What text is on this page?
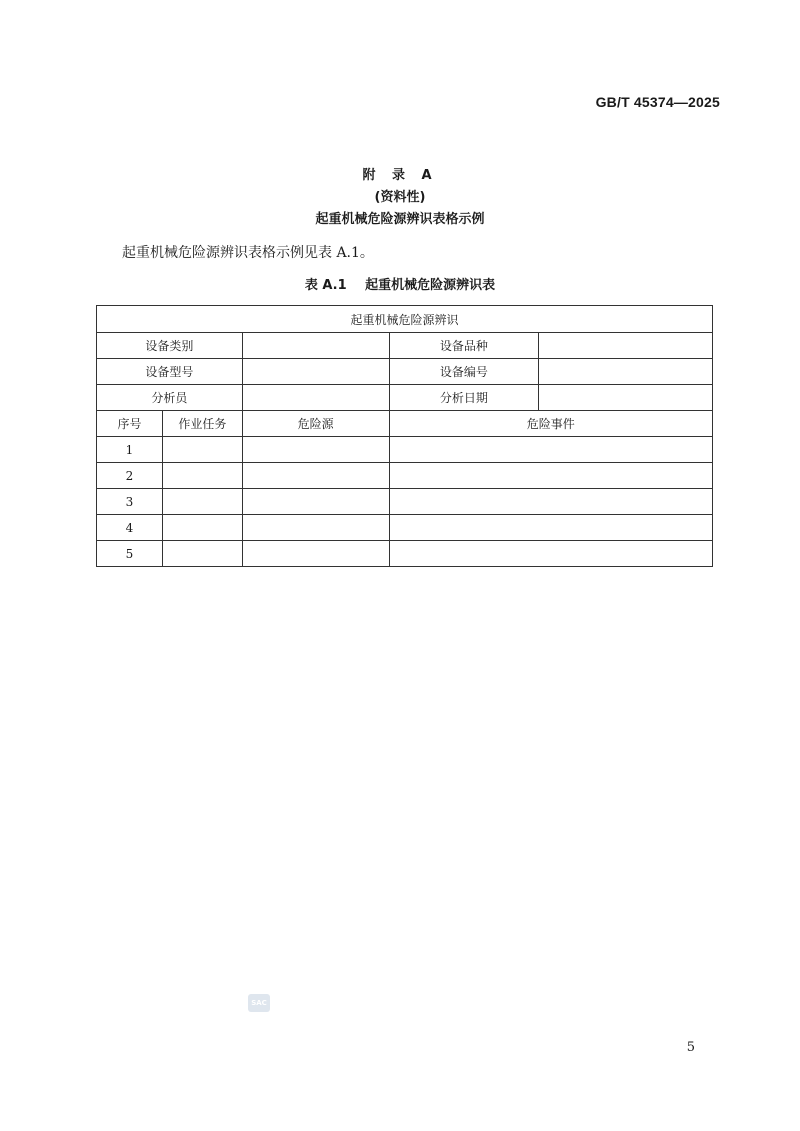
GB/T 45374—2025
附 录 A
(资料性)
起重机械危险源辨识表格示例
起重机械危险源辨识表格示例见表 A.1。
表 A.1 起重机械危险源辨识表
起重机械危险源辨识				
设备类别			设备品种	
设备型号			设备编号	
分析员			分析日期	
序号	作业任务	危险源	危险事件	
1				
2				
3				
4				
5				
SAC
5
